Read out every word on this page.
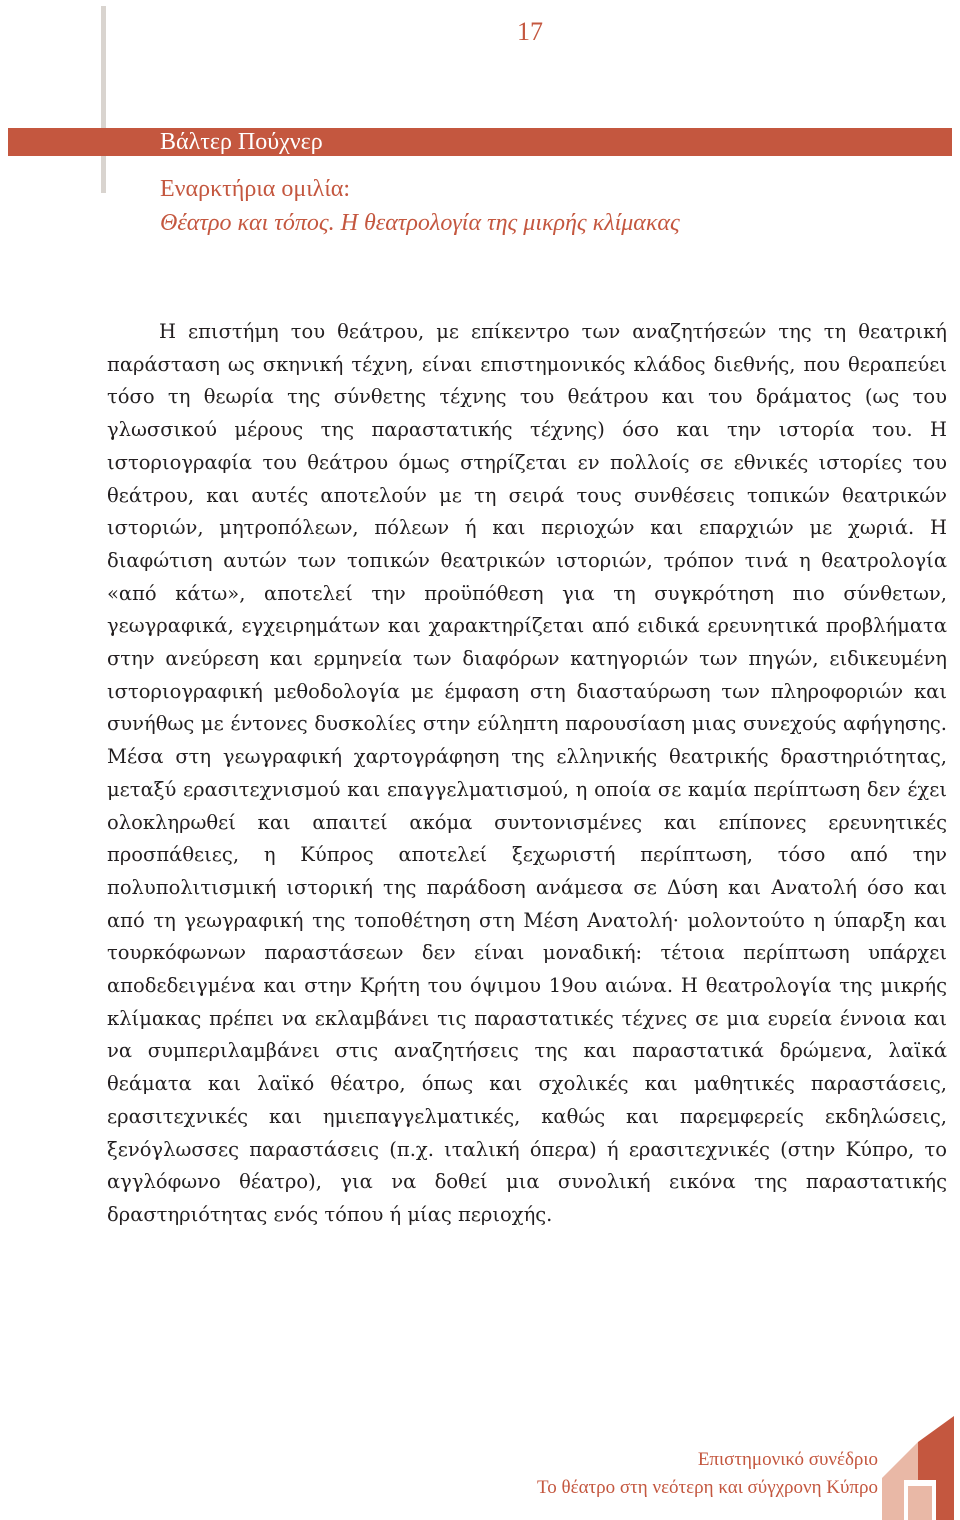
17
Βάλτερ Πούχνερ
Εναρκτήρια ομιλία:
Θέατρο και τόπος. Η θεατρολογία της μικρής κλίμακας

Η επιστήμη του θεάτρου, με επίκεντρο των αναζητήσεών της τη θεατρική παράσταση ως σκηνική τέχνη, είναι επιστημονικός κλάδος διεθνής, που θεραπεύει τόσο τη θεωρία της σύνθετης τέχνης του θεάτρου και του δράματος (ως του γλωσσικού μέρους της παραστατικής τέχνης) όσο και την ιστορία του. Η ιστοριογραφία του θεάτρου όμως στηρίζεται εν πολλοίς σε εθνικές ιστορίες του θεάτρου, και αυτές αποτελούν με τη σειρά τους συνθέσεις τοπικών θεατρικών ιστοριών, μητροπόλεων, πόλεων ή και περιοχών και επαρχιών με χωριά. Η διαφώτιση αυτών των τοπικών θεατρικών ιστοριών, τρόπον τινά η θεατρολογία «από κάτω», αποτελεί την προϋπόθεση για τη συγκρότηση πιο σύνθετων, γεωγραφικά, εγχειρημάτων και χαρακτηρίζεται από ειδικά ερευνητικά προβλήματα στην ανεύρεση και ερμηνεία των διαφόρων κατηγοριών των πηγών, ειδικευμένη ιστοριογραφική μεθοδολογία με έμφαση στη διασταύρωση των πληροφοριών και συνήθως με έντονες δυσκολίες στην εύληπτη παρουσίαση μιας συνεχούς αφήγησης. Μέσα στη γεωγραφική χαρτογράφηση της ελληνικής θεατρικής δραστηριότητας, μεταξύ ερασιτεχνισμού και επαγγελματισμού, η οποία σε καμία περίπτωση δεν έχει ολοκληρωθεί και απαιτεί ακόμα συντονισμένες και επίπονες ερευνητικές προσπάθειες, η Κύπρος αποτελεί ξεχωριστή περίπτωση, τόσο από την πολυπολιτισμική ιστορική της παράδοση ανάμεσα σε Δύση και Ανατολή όσο και από τη γεωγραφική της τοποθέτηση στη Μέση Ανατολή· μολοντούτο η ύπαρξη και τουρκόφωνων παραστάσεων δεν είναι μοναδική: τέτοια περίπτωση υπάρχει αποδεδειγμένα και στην Κρήτη του όψιμου 19ου αιώνα. Η θεατρολογία της μικρής κλίμακας πρέπει να εκλαμβάνει τις παραστατικές τέχνες σε μια ευρεία έννοια και να συμπεριλαμβάνει στις αναζητήσεις της και παραστατικά δρώμενα, λαϊκά θεάματα και λαϊκό θέατρο, όπως και σχολικές και μαθητικές παραστάσεις, ερασιτεχνικές και ημιεπαγγελματικές, καθώς και παρεμφερείς εκδηλώσεις, ξενόγλωσσες παραστάσεις (π.χ. ιταλική όπερα) ή ερασιτεχνικές (στην Κύπρο, το αγγλόφωνο θέατρο), για να δοθεί μια συνολική εικόνα της παραστατικής δραστηριότητας ενός τόπου ή μίας περιοχής.

Επιστημονικό συνέδριο
Το θέατρο στη νεότερη και σύγχρονη Κύπρο
